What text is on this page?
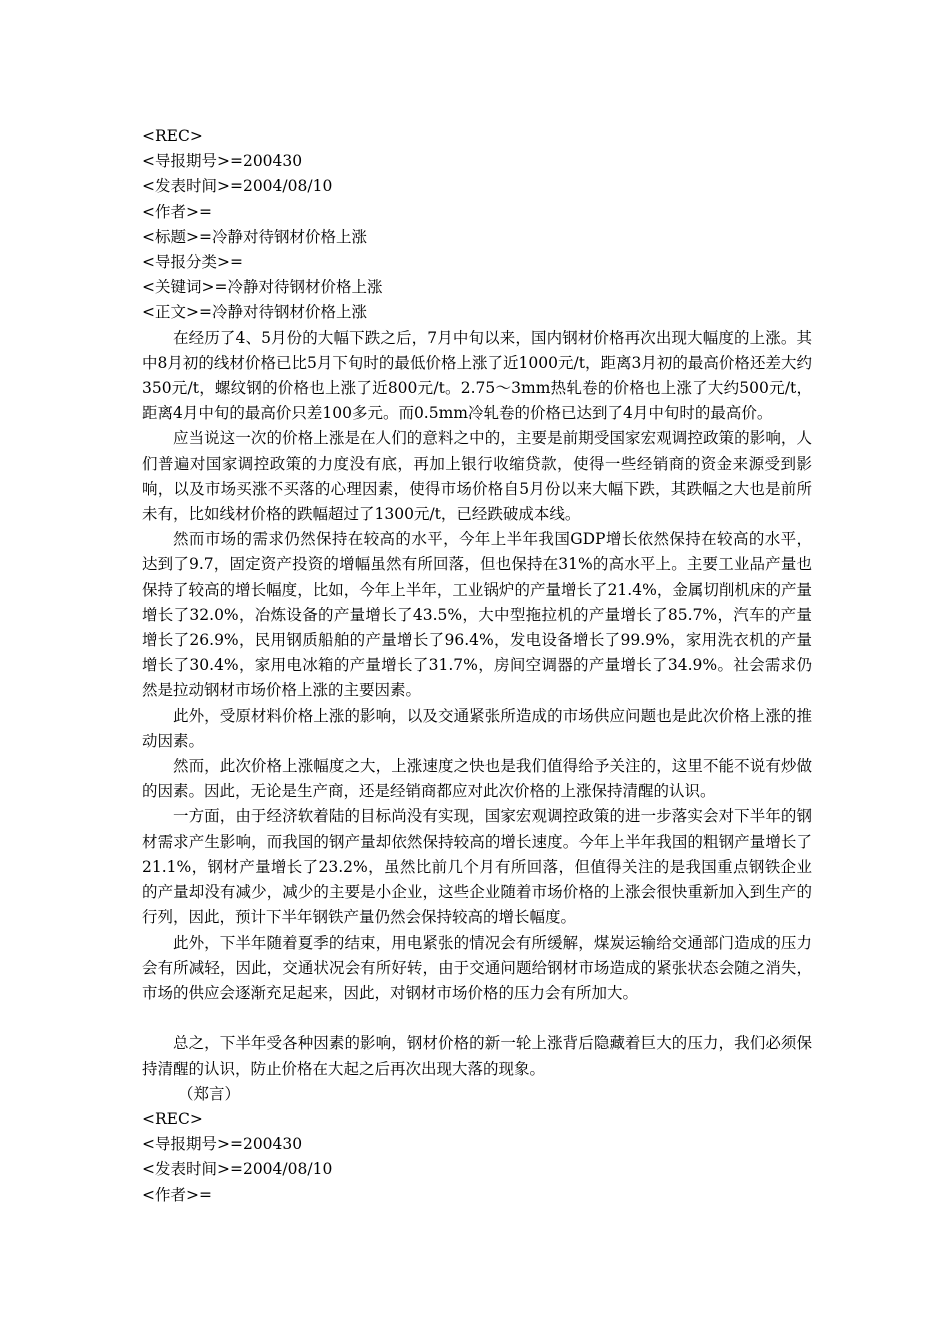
<REC>

<导报期号>=200430

<发表时间>=2004/08/10

<作者>=

<标题>=冷静对待钢材价格上涨

<导报分类>=

<关键词>=冷静对待钢材价格上涨

<正文>=冷静对待钢材价格上涨

在经历了4、5月份的大幅下跌之后，7月中旬以来，国内钢材价格再次出现大幅度的上涨。其中8月初的线材价格已比5月下旬时的最低价格上涨了近1000元/t，距离3月初的最高价格还差大约350元/t，螺纹钢的价格也上涨了近800元/t。2.75～3mm热轧卷的价格也上涨了大约500元/t，距离4月中旬的最高价只差100多元。而0.5mm冷轧卷的价格已达到了4月中旬时的最高价。

应当说这一次的价格上涨是在人们的意料之中的，主要是前期受国家宏观调控政策的影响，人们普遍对国家调控政策的力度没有底，再加上银行收缩贷款，使得一些经销商的资金来源受到影响，以及市场买涨不买落的心理因素，使得市场价格自5月份以来大幅下跌，其跌幅之大也是前所未有，比如线材价格的跌幅超过了1300元/t，已经跌破成本线。

然而市场的需求仍然保持在较高的水平，今年上半年我国GDP增长依然保持在较高的水平，达到了9.7，固定资产投资的增幅虽然有所回落，但也保持在31%的高水平上。主要工业品产量也保持了较高的增长幅度，比如，今年上半年，工业锅炉的产量增长了21.4%，金属切削机床的产量增长了32.0%，冶炼设备的产量增长了43.5%，大中型拖拉机的产量增长了85.7%，汽车的产量增长了26.9%，民用钢质船舶的产量增长了96.4%，发电设备增长了99.9%，家用洗衣机的产量增长了30.4%，家用电冰箱的产量增长了31.7%，房间空调器的产量增长了34.9%。社会需求仍然是拉动钢材市场价格上涨的主要因素。

此外，受原材料价格上涨的影响，以及交通紧张所造成的市场供应问题也是此次价格上涨的推动因素。

然而，此次价格上涨幅度之大，上涨速度之快也是我们值得给予关注的，这里不能不说有炒做的因素。因此，无论是生产商，还是经销商都应对此次价格的上涨保持清醒的认识。

一方面，由于经济软着陆的目标尚没有实现，国家宏观调控政策的进一步落实会对下半年的钢材需求产生影响，而我国的钢产量却依然保持较高的增长速度。今年上半年我国的粗钢产量增长了21.1%，钢材产量增长了23.2%，虽然比前几个月有所回落，但值得关注的是我国重点钢铁企业的产量却没有减少，减少的主要是小企业，这些企业随着市场价格的上涨会很快重新加入到生产的行列，因此，预计下半年钢铁产量仍然会保持较高的增长幅度。

此外，下半年随着夏季的结束，用电紧张的情况会有所缓解，煤炭运输给交通部门造成的压力会有所减轻，因此，交通状况会有所好转，由于交通问题给钢材市场造成的紧张状态会随之消失，市场的供应会逐渐充足起来，因此，对钢材市场价格的压力会有所加大。

总之，下半年受各种因素的影响，钢材价格的新一轮上涨背后隐藏着巨大的压力，我们必须保持清醒的认识，防止价格在大起之后再次出现大落的现象。

（郑言）

<REC>

<导报期号>=200430

<发表时间>=2004/08/10

<作者>=
